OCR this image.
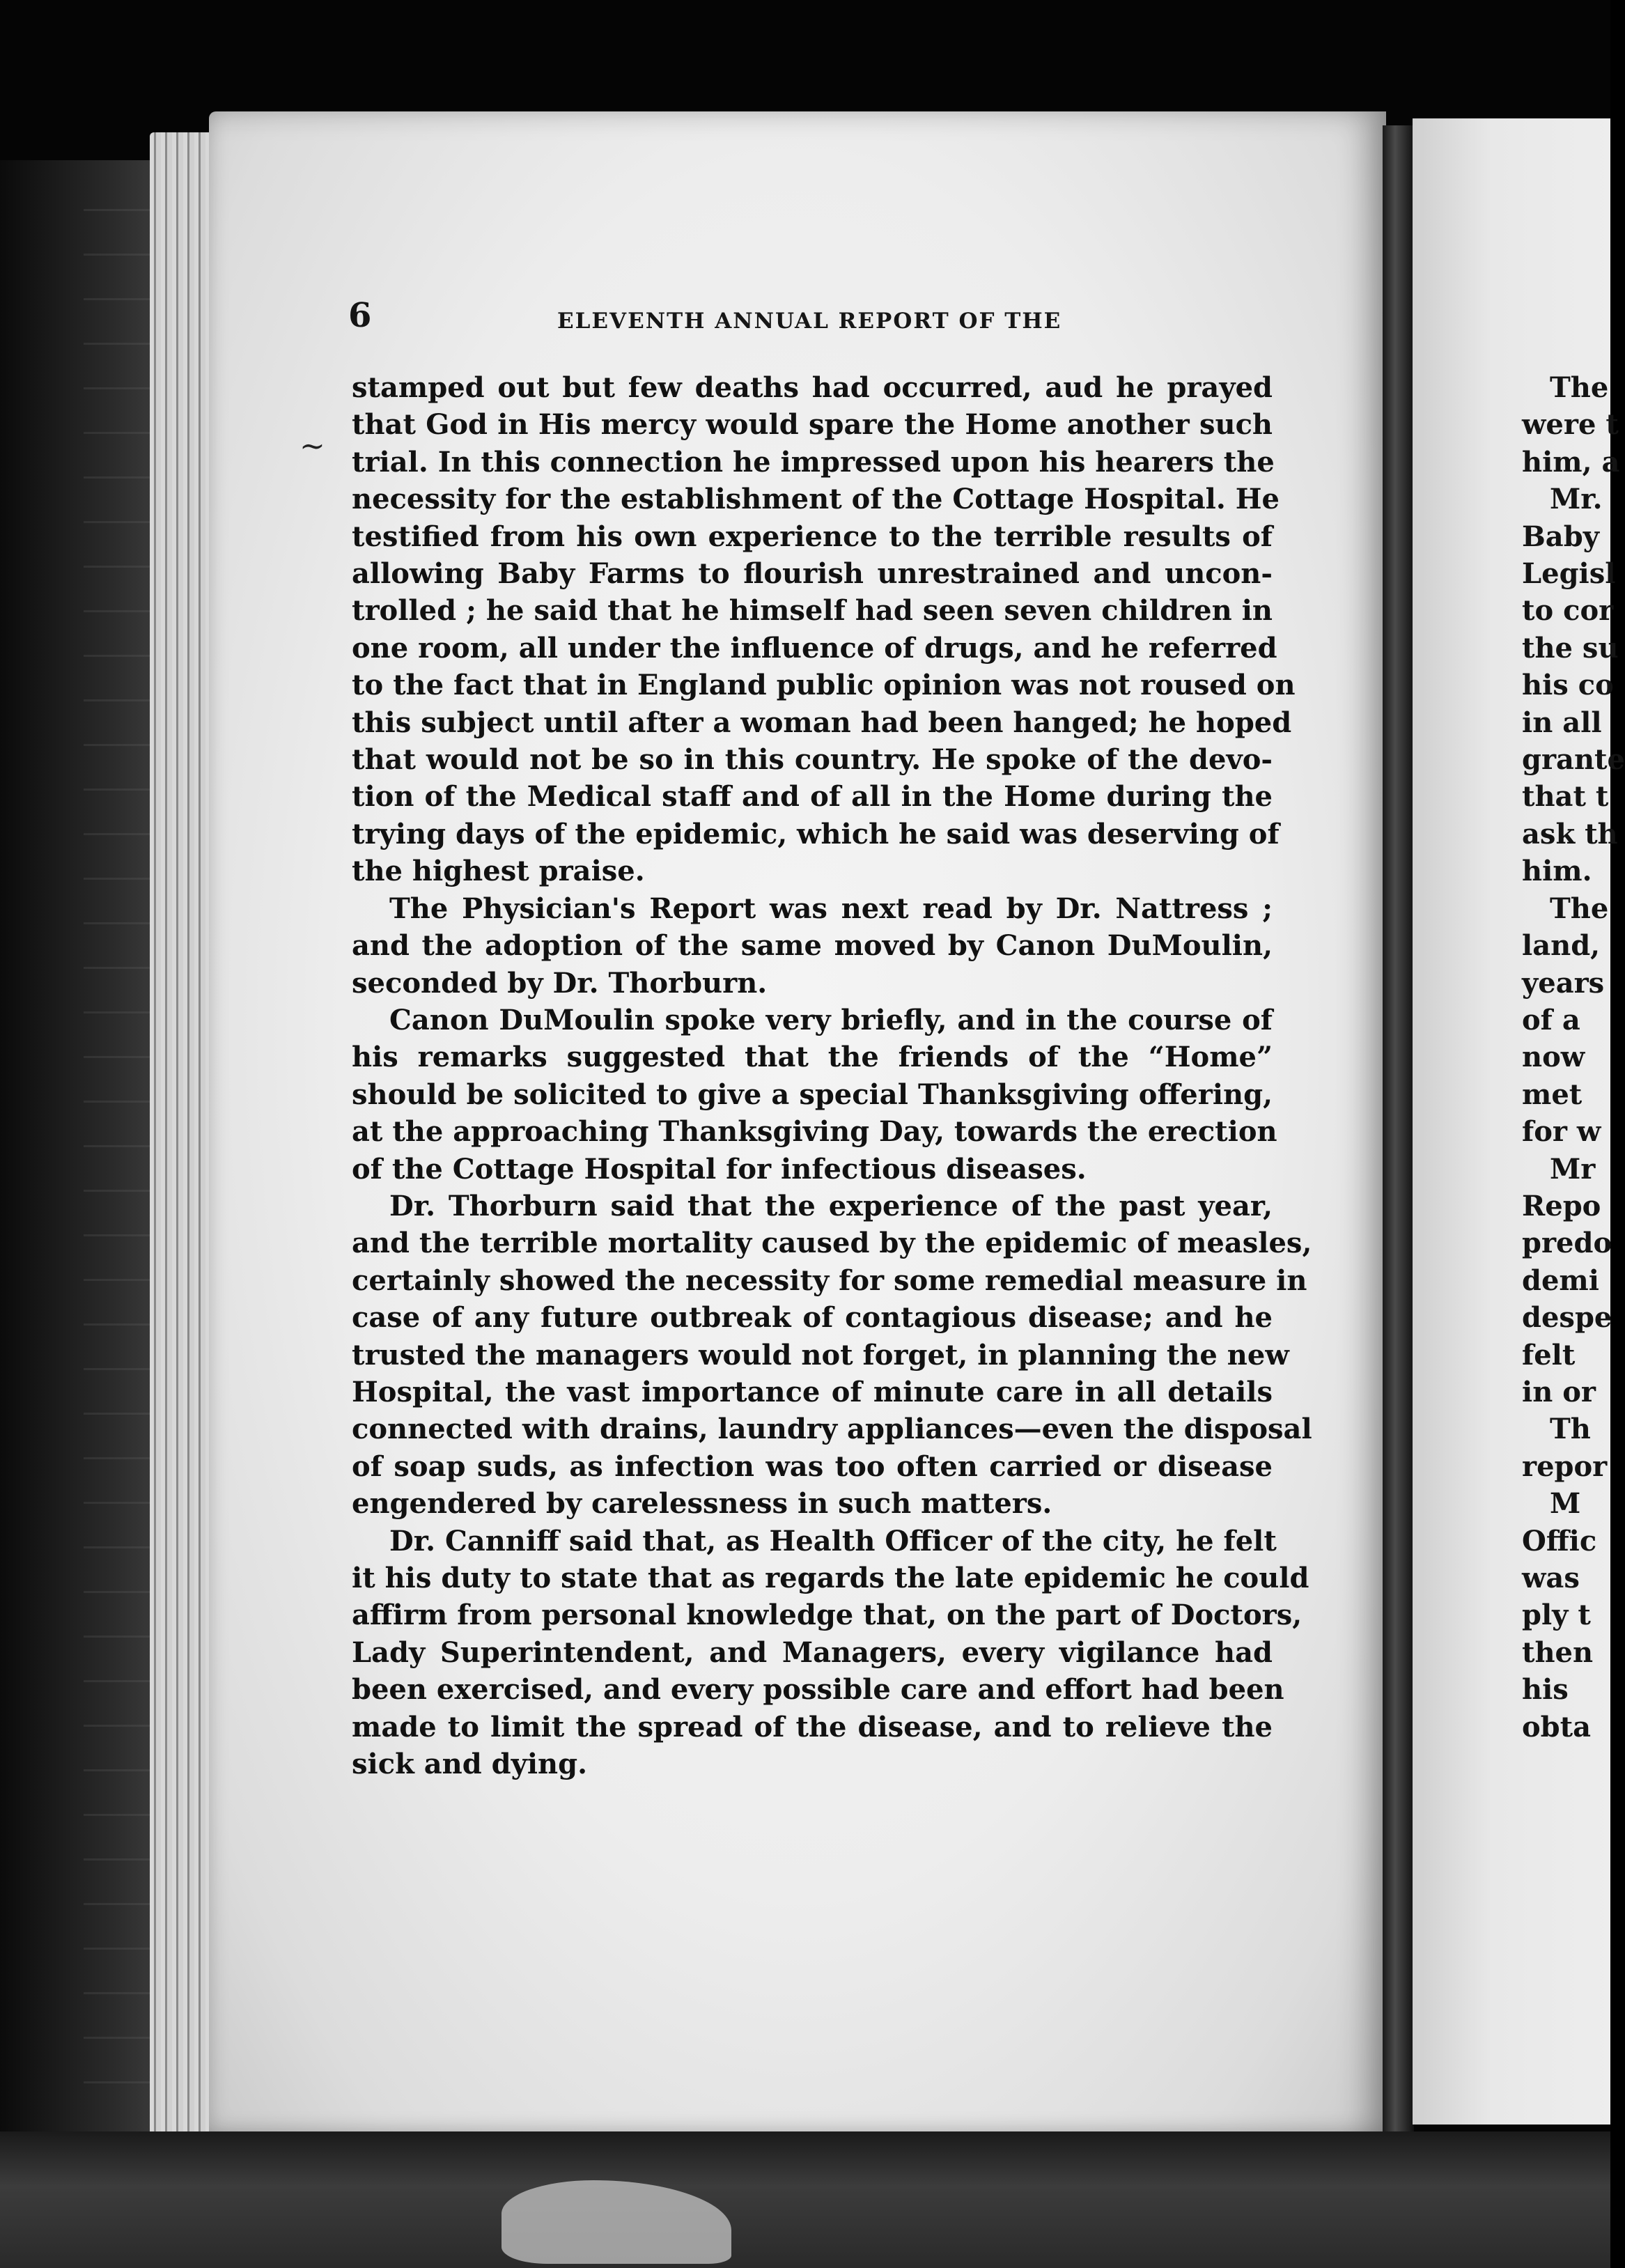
6	ELEVENTH ANNUAL REPORT OF THE
stamped out but few deaths had occurred, aud he prayed
that God in His mercy would spare the Home another such
trial. In this connection he impressed upon his hearers the
necessity for the establishment of the Cottage Hospital. He
testified from his own experience to the terrible results of
allowing Baby Farms to flourish unrestrained and uncon-
trolled ; he said that he himself had seen seven children in
one room, all under the influence of drugs, and he referred
to the fact that in England public opinion was not roused on
this subject until after a woman had been hanged; he hoped
that would not be so in this country. He spoke of the devo-
tion of the Medical staff and of all in the Home during the
trying days of the epidemic, which he said was deserving of
the highest praise.
The Physician's Report was next read by Dr. Nattress ;
and the adoption of the same moved by Canon DuMoulin,
seconded by Dr. Thorburn.
Canon DuMoulin spoke very briefly, and in the course of
his remarks suggested that the friends of the “Home”
should be solicited to give a special Thanksgiving offering,
at the approaching Thanksgiving Day, towards the erection
of the Cottage Hospital for infectious diseases.
Dr. Thorburn said that the experience of the past year,
and the terrible mortality caused by the epidemic of measles,
certainly showed the necessity for some remedial measure in
case of any future outbreak of contagious disease; and he
trusted the managers would not forget, in planning the new
Hospital, the vast importance of minute care in all details
connected with drains, laundry appliances—even the disposal
of soap suds, as infection was too often carried or disease
engendered by carelessness in such matters.
Dr. Canniff said that, as Health Officer of the city, he felt
it his duty to state that as regards the late epidemic he could
affirm from personal knowledge that, on the part of Doctors,
Lady Superintendent, and Managers, every vigilance had
been exercised, and every possible care and effort had been
made to limit the spread of the disease, and to relieve the
sick and dying.
The
were t
him, a
Mr.
Baby
Legisl
to cor
the su
his co
in all
grante
that t
ask th
him.
The
land,
years
of a
now
met
for w
Mr
Repo
predo
demi
despe
felt
in or
Th
repor
M
Offic
was
ply t
then
his
obta
~
